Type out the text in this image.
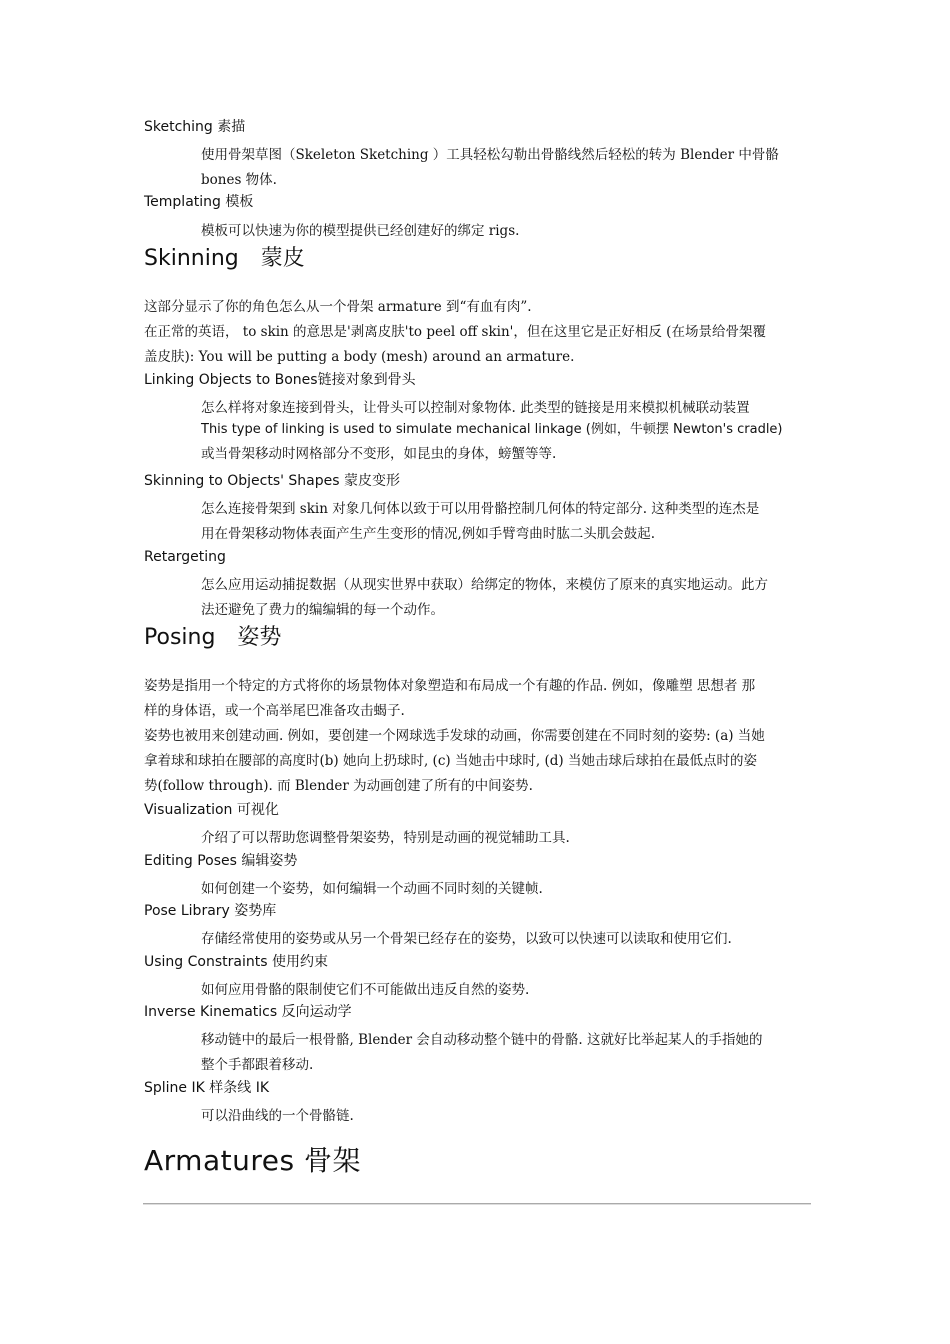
Sketching 素描
使用骨架草图（Skeleton Sketching ）工具轻松勾勒出骨骼线然后轻松的转为 Blender 中骨骼
bones 物体.
Templating 模板
模板可以快速为你的模型提供已经创建好的绑定 rigs.
Skinning　蒙皮
这部分显示了你的角色怎么从一个骨架 armature 到“有血有肉”.
在正常的英语， to skin 的意思是'剥离皮肤'to peel off skin'，但在这里它是正好相反 (在场景给骨架覆
盖皮肤): You will be putting a body (mesh) around an armature.
Linking Objects to Bones链接对象到骨头
怎么样将对象连接到骨头，让骨头可以控制对象物体. 此类型的链接是用来模拟机械联动装置
This type of linking is used to simulate mechanical linkage (例如，牛顿摆 Newton's cradle)
或当骨架移动时网格部分不变形，如昆虫的身体，螃蟹等等.
Skinning to Objects' Shapes 蒙皮变形
怎么连接骨架到 skin 对象几何体以致于可以用骨骼控制几何体的特定部分. 这种类型的连杰是
用在骨架移动物体表面产生产生变形的情况,例如手臂弯曲时肱二头肌会鼓起.
Retargeting
怎么应用运动捕捉数据（从现实世界中获取）给绑定的物体，来模仿了原来的真实地运动。此方
法还避免了费力的编编辑的每一个动作。
Posing　姿势
姿势是指用一个特定的方式将你的场景物体对象塑造和布局成一个有趣的作品. 例如，像雕塑 思想者 那
样的身体语，或一个高举尾巴准备攻击蝎子.
姿势也被用来创建动画. 例如，要创建一个网球选手发球的动画，你需要创建在不同时刻的姿势: (a) 当她
拿着球和球拍在腰部的高度时(b) 她向上扔球时, (c) 当她击中球时, (d) 当她击球后球拍在最低点时的姿
势(follow through). 而 Blender 为动画创建了所有的中间姿势.
Visualization 可视化
介绍了可以帮助您调整骨架姿势，特别是动画的视觉辅助工具.
Editing Poses 编辑姿势
如何创建一个姿势，如何编辑一个动画不同时刻的关键帧.
Pose Library 姿势库
存储经常使用的姿势或从另一个骨架已经存在的姿势，以致可以快速可以读取和使用它们.
Using Constraints 使用约束
如何应用骨骼的限制使它们不可能做出违反自然的姿势.
Inverse Kinematics 反向运动学
移动链中的最后一根骨骼, Blender 会自动移动整个链中的骨骼. 这就好比举起某人的手指她的
整个手都跟着移动.
Spline IK 样条线 IK
可以沿曲线的一个骨骼链.
Armatures 骨架
